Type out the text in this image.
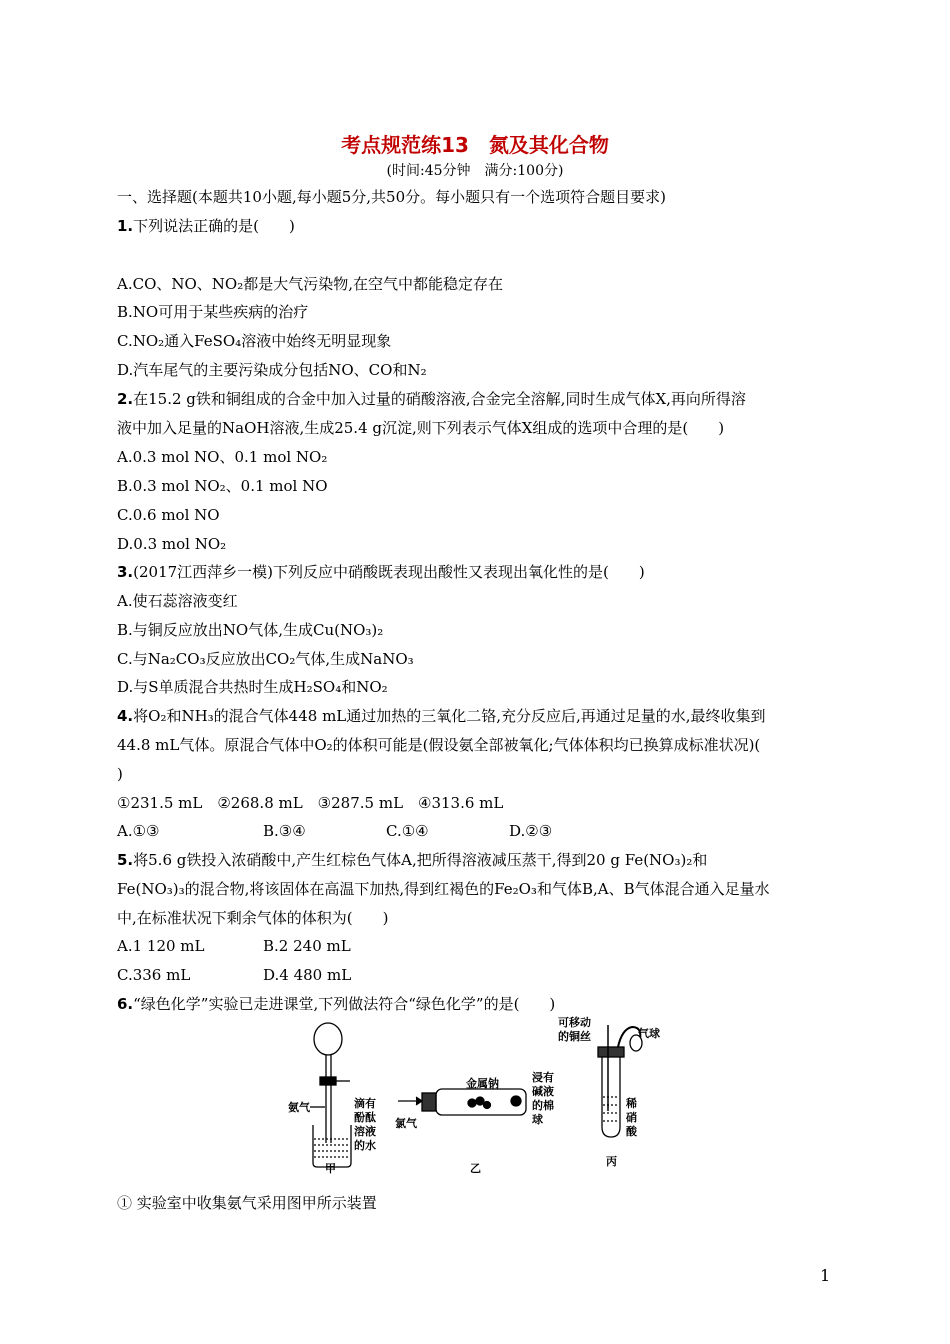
考点规范练13　氮及其化合物
(时间:45分钟　满分:100分)
一、选择题(本题共10小题,每小题5分,共50分。每小题只有一个选项符合题目要求)
1.下列说法正确的是(　　)
A.CO、NO、NO₂都是大气污染物,在空气中都能稳定存在
B.NO可用于某些疾病的治疗
C.NO₂通入FeSO₄溶液中始终无明显现象
D.汽车尾气的主要污染成分包括NO、CO和N₂
2.在15.2 g铁和铜组成的合金中加入过量的硝酸溶液,合金完全溶解,同时生成气体X,再向所得溶
液中加入足量的NaOH溶液,生成25.4 g沉淀,则下列表示气体X组成的选项中合理的是(　　)
A.0.3 mol NO、0.1 mol NO₂
B.0.3 mol NO₂、0.1 mol NO
C.0.6 mol NO
D.0.3 mol NO₂
3.(2017江西萍乡一模)下列反应中硝酸既表现出酸性又表现出氧化性的是(　　)
A.使石蕊溶液变红
B.与铜反应放出NO气体,生成Cu(NO₃)₂
C.与Na₂CO₃反应放出CO₂气体,生成NaNO₃
D.与S单质混合共热时生成H₂SO₄和NO₂
4.将O₂和NH₃的混合气体448 mL通过加热的三氧化二铬,充分反应后,再通过足量的水,最终收集到
44.8 mL气体。原混合气体中O₂的体积可能是(假设氨全部被氧化;气体体积均已换算成标准状况)(
)
①231.5 mL　②268.8 mL　③287.5 mL　④313.6 mL
A.①③	B.③④	C.①④	D.②③
5.将5.6 g铁投入浓硝酸中,产生红棕色气体A,把所得溶液减压蒸干,得到20 g Fe(NO₃)₂和
Fe(NO₃)₃的混合物,将该固体在高温下加热,得到红褐色的Fe₂O₃和气体B,A、B气体混合通入足量水
中,在标准状况下剩余气体的体积为(　　)
A.1 120 mL	B.2 240 mL
C.336 mL	D.4 480 mL
6.“绿色化学”实验已走进课堂,下列做法符合“绿色化学”的是(　　)
氨气	滴有
酚酞
溶液
的水
甲
金属钠
氯气
浸有
碱液
的棉
球
乙
可移动
的铜丝	气球
稀
硝
酸
丙
① 实验室中收集氨气采用图甲所示装置
1
